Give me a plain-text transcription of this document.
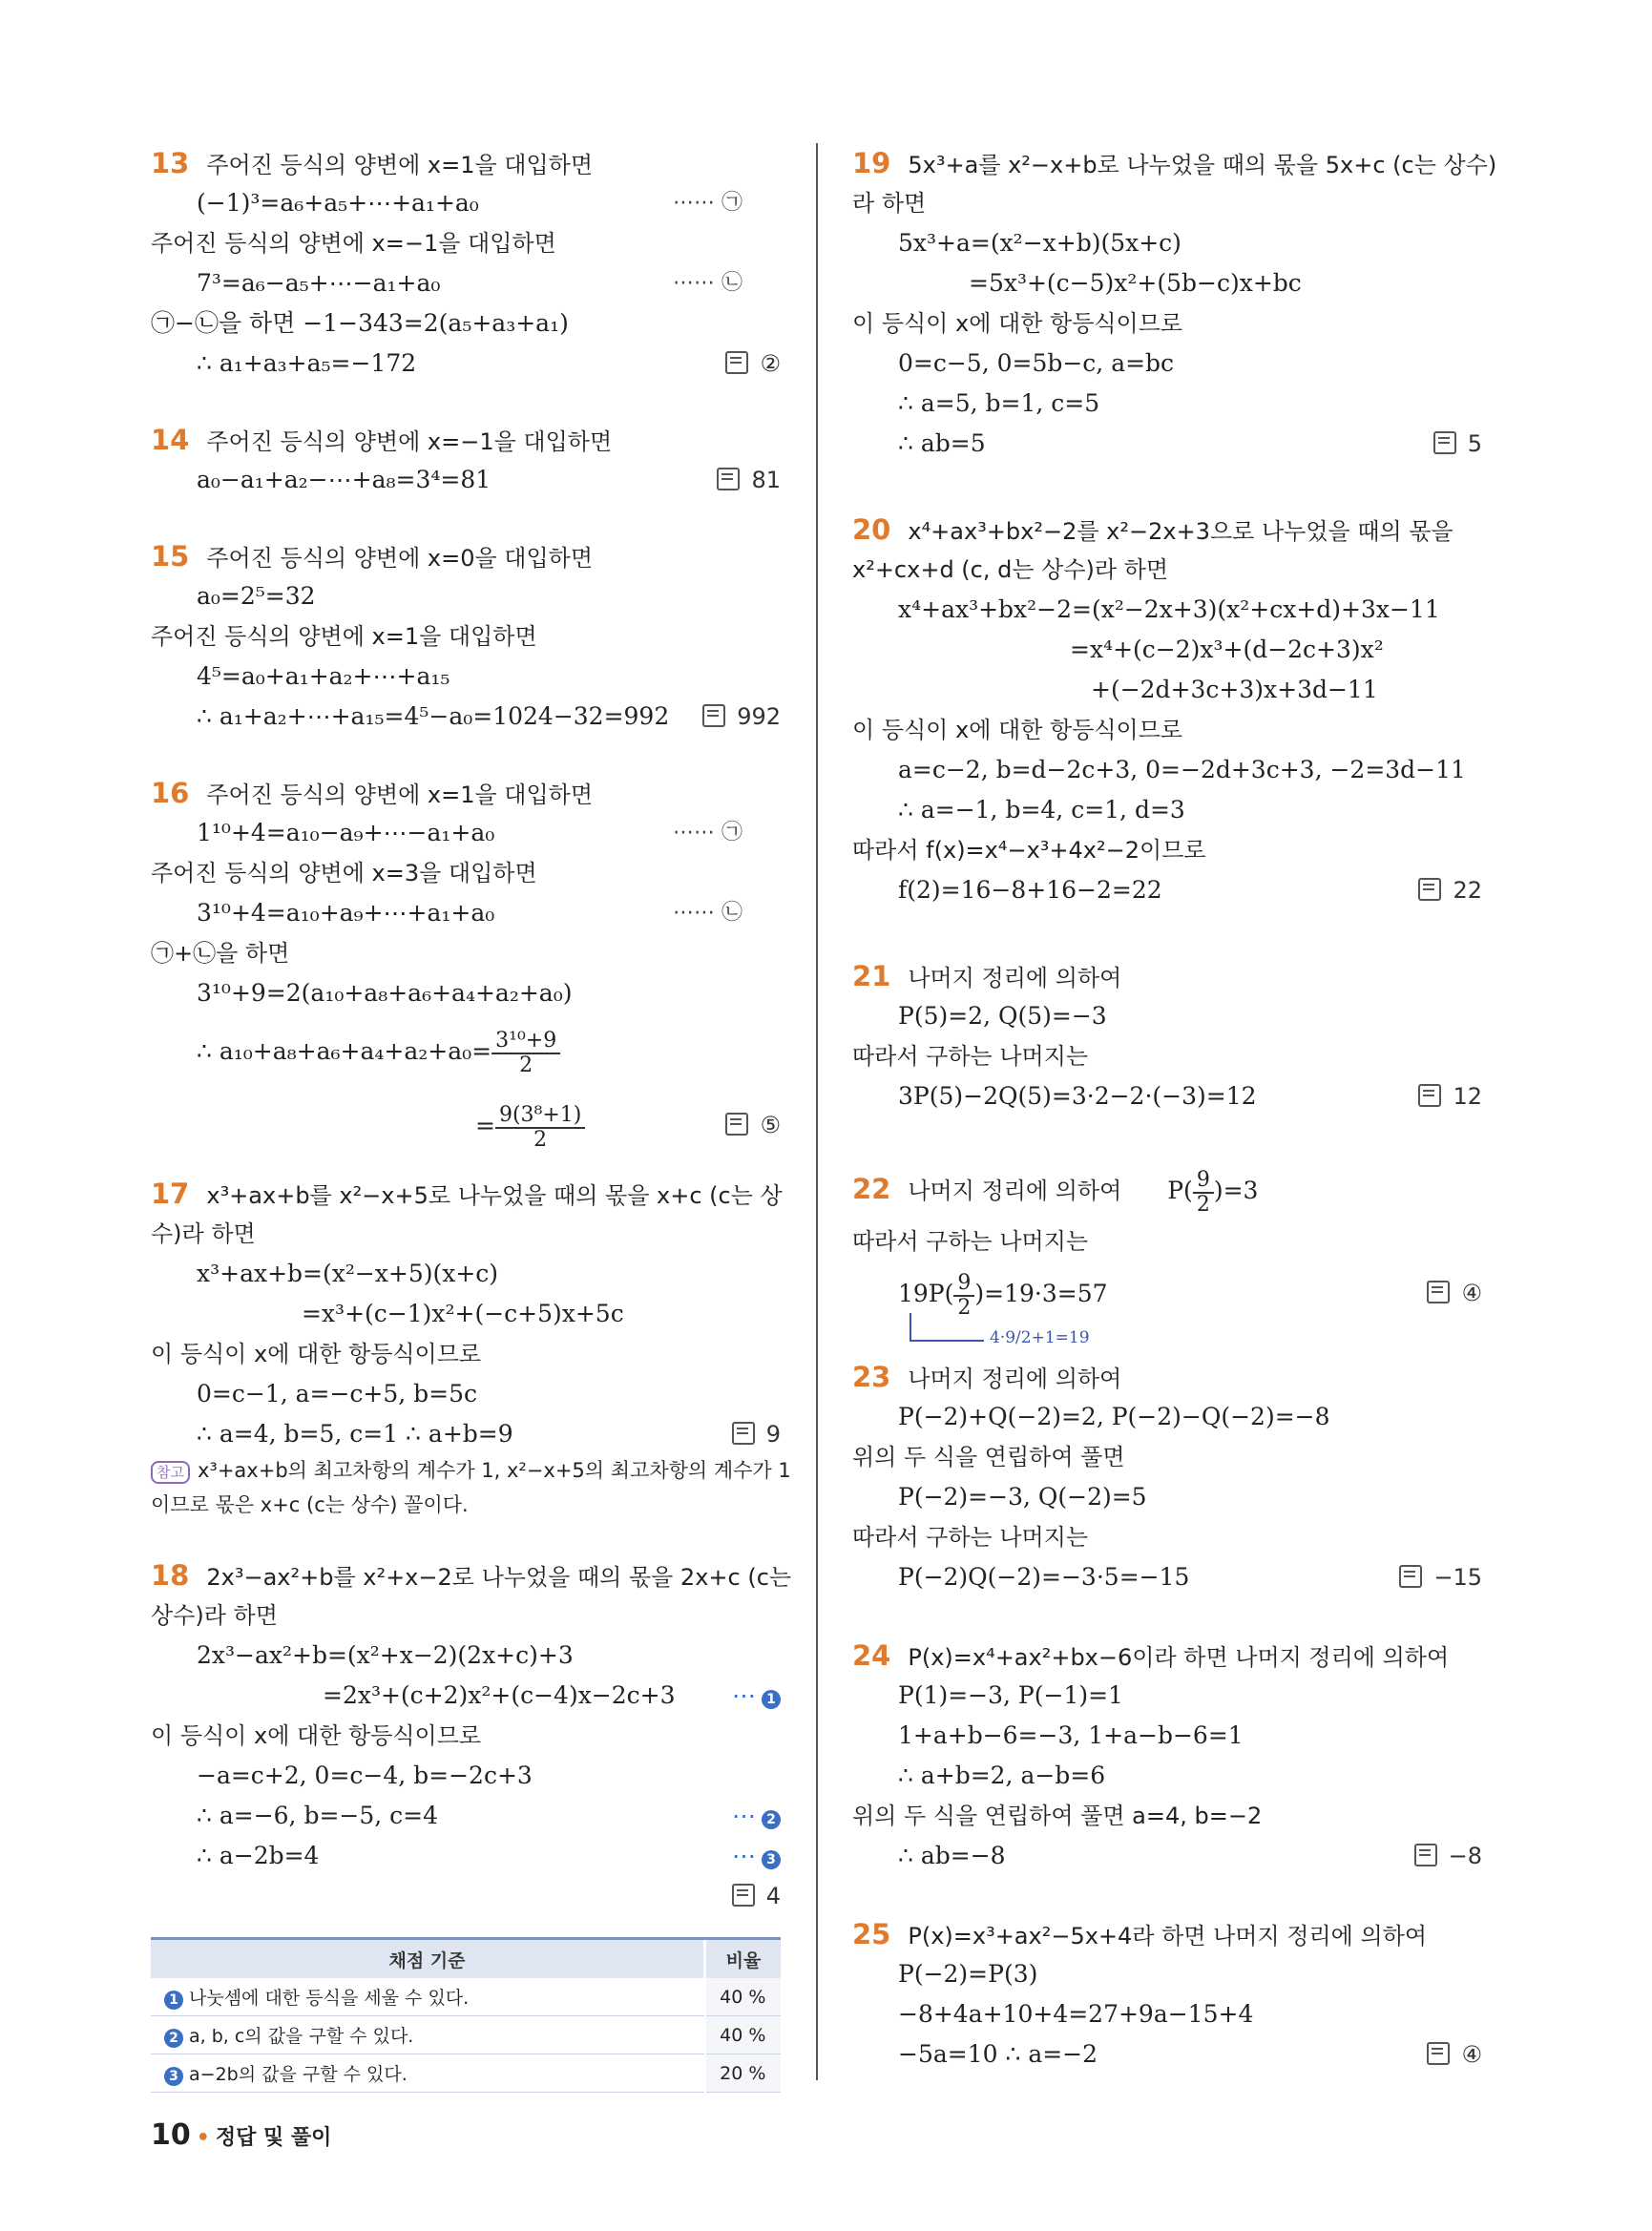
13 주어진 등식의 양변에 x=1을 대입하면
(−1)³=a₆+a₅+⋯+a₁+a₀	⋯⋯ ㉠
주어진 등식의 양변에 x=−1을 대입하면
7³=a₆−a₅+⋯−a₁+a₀	⋯⋯ ㉡
㉠−㉡을 하면 −1−343=2(a₅+a₃+a₁)
∴ a₁+a₃+a₅=−172	②
14 주어진 등식의 양변에 x=−1을 대입하면
a₀−a₁+a₂−⋯+a₈=3⁴=81	81
15 주어진 등식의 양변에 x=0을 대입하면
a₀=2⁵=32
주어진 등식의 양변에 x=1을 대입하면
4⁵=a₀+a₁+a₂+⋯+a₁₅
∴ a₁+a₂+⋯+a₁₅=4⁵−a₀=1024−32=992	992
16 주어진 등식의 양변에 x=1을 대입하면
1¹⁰+4=a₁₀−a₉+⋯−a₁+a₀	⋯⋯ ㉠
주어진 등식의 양변에 x=3을 대입하면
3¹⁰+4=a₁₀+a₉+⋯+a₁+a₀	⋯⋯ ㉡
㉠+㉡을 하면
3¹⁰+9=2(a₁₀+a₈+a₆+a₄+a₂+a₀)
∴ $a_{10}+a_8+a_6+a_4+a_2+a_0= \frac{\text{3¹⁰+9}}{2}$
= $\frac{\text{9(3⁸+1)}}{2}$	⑤
17 x³+ax+b를 x²−x+5로 나누었을 때의 몫을 x+c (c는 상
수)라 하면
x³+ax+b=(x²−x+5)(x+c)
=x³+(c−1)x²+(−c+5)x+5c
이 등식이 x에 대한 항등식이므로
0=c−1, a=−c+5, b=5c
∴ a=4, b=5, c=1 ∴ a+b=9	9
참고 x³+ax+b의 최고차항의 계수가 1, x²−x+5의 최고차항의 계수가 1
이므로 몫은 x+c (c는 상수) 꼴이다.
18 2x³−ax²+b를 x²+x−2로 나누었을 때의 몫을 2x+c (c는
상수)라 하면
2x³−ax²+b=(x²+x−2)(2x+c)+3
=2x³+(c+2)x²+(c−4)x−2c+3 ⋯ 1
이 등식이 x에 대한 항등식이므로
−a=c+2, 0=c−4, b=−2c+3
∴ a=−6, b=−5, c=4	⋯ 2
∴ a−2b=4	⋯ 3
4
채점 기준	비율
1 나눗셈에 대한 등식을 세울 수 있다.	40 %
2 a, b, c의 값을 구할 수 있다.	40 %
3 a−2b의 값을 구할 수 있다.	20 %
19 5x³+a를 x²−x+b로 나누었을 때의 몫을 5x+c (c는 상수)
라 하면
5x³+a=(x²−x+b)(5x+c)
=5x³+(c−5)x²+(5b−c)x+bc
이 등식이 x에 대한 항등식이므로
0=c−5, 0=5b−c, a=bc
∴ a=5, b=1, c=5
∴ ab=5	5
20 x⁴+ax³+bx²−2를 x²−2x+3으로 나누었을 때의 몫을
x²+cx+d (c, d는 상수)라 하면
x⁴+ax³+bx²−2=(x²−2x+3)(x²+cx+d)+3x−11
=x⁴+(c−2)x³+(d−2c+3)x²
+(−2d+3c+3)x+3d−11
이 등식이 x에 대한 항등식이므로
a=c−2, b=d−2c+3, 0=−2d+3c+3, −2=3d−11
∴ a=−1, b=4, c=1, d=3
따라서 f(x)=x⁴−x³+4x²−2이므로
f(2)=16−8+16−2=22	22
21 나머지 정리에 의하여
P(5)=2, Q(5)=−3
따라서 구하는 나머지는
3P(5)−2Q(5)=3·2−2·(−3)=12	12
22 나머지 정리에 의하여 $P( \frac{9}{2} )=3$
따라서 구하는 나머지는
$19P( \frac{9}{2} )=19\cdot 3=57$	④
4·9/2+1=19
23 나머지 정리에 의하여
P(−2)+Q(−2)=2, P(−2)−Q(−2)=−8
위의 두 식을 연립하여 풀면
P(−2)=−3, Q(−2)=5
따라서 구하는 나머지는
P(−2)Q(−2)=−3·5=−15	−15
24 P(x)=x⁴+ax²+bx−6이라 하면 나머지 정리에 의하여
P(1)=−3, P(−1)=1
1+a+b−6=−3, 1+a−b−6=1
∴ a+b=2, a−b=6
위의 두 식을 연립하여 풀면 a=4, b=−2
∴ ab=−8	−8
25 P(x)=x³+ax²−5x+4라 하면 나머지 정리에 의하여
P(−2)=P(3)
−8+4a+10+4=27+9a−15+4
−5a=10 ∴ a=−2	④
10 • 정답 및 풀이
